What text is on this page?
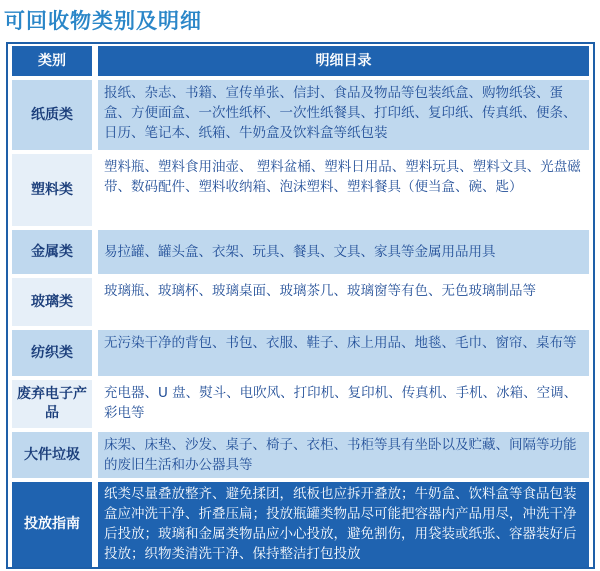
可回收物类别及明细
类别	明细目录
纸质类
报纸、杂志、书籍、宣传单张、信封、食品及物品等包装纸盒、购物纸袋、蛋盒、方便面盒、一次性纸杯、一次性纸餐具、打印纸、复印纸、传真纸、便条、日历、笔记本、纸箱、牛奶盒及饮料盒等纸包装
塑料类
塑料瓶、塑料食用油壶、 塑料盆桶、塑料日用品、塑料玩具、塑料文具、光盘磁带、数码配件、塑料收纳箱、泡沫塑料、塑料餐具（便当盒、碗、匙）
金属类	易拉罐、罐头盒、衣架、玩具、餐具、文具、家具等金属用品用具
玻璃类
玻璃瓶、玻璃杯、玻璃桌面、玻璃茶几、玻璃窗等有色、无色玻璃制品等
纺织类
无污染干净的背包、书包、衣服、鞋子、床上用品、地毯、毛巾、窗帘、桌布等
废弃电子产品
充电器、U 盘、熨斗、电吹风、打印机、复印机、传真机、手机、冰箱、空调、彩电等
大件垃圾
床架、床垫、沙发、桌子、椅子、衣柜、书柜等具有坐卧以及贮藏、间隔等功能的废旧生活和办公器具等
投放指南
纸类尽量叠放整齐、避免揉团，纸板也应拆开叠放；牛奶盒、饮料盒等食品包装盒应冲洗干净、折叠压扁；投放瓶罐类物品尽可能把容器内产品用尽，冲洗干净后投放；玻璃和金属类物品应小心投放，避免割伤，用袋装或纸张、容器装好后投放；织物类清洗干净、保持整洁打包投放
